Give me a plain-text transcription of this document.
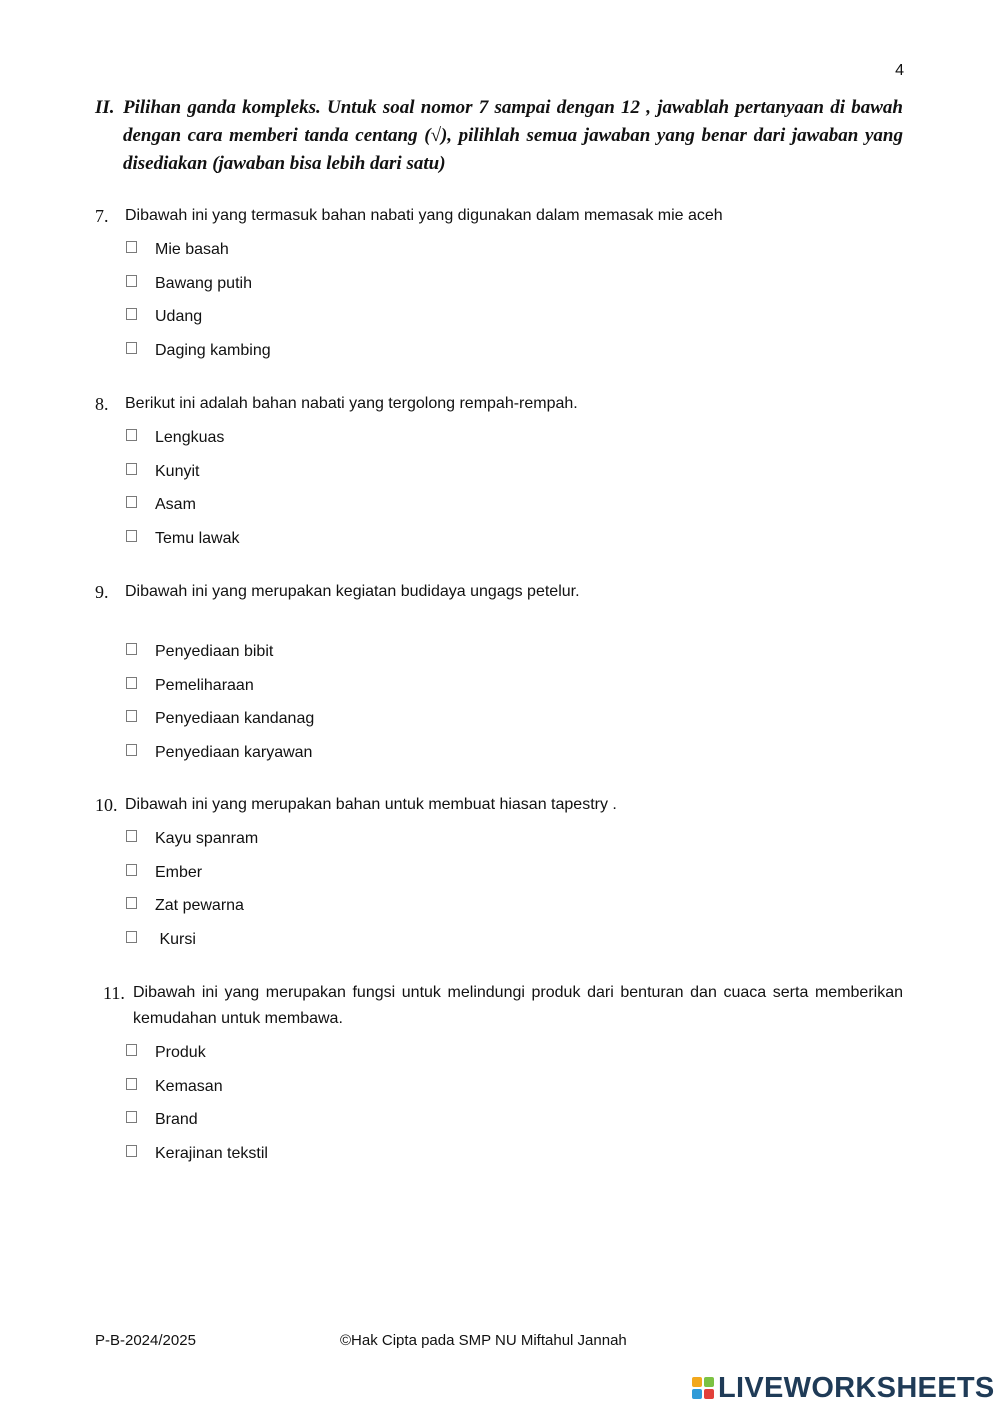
4
II. Pilihan ganda kompleks. Untuk soal nomor 7 sampai dengan 12 , jawablah pertanyaan di bawah dengan cara memberi tanda centang (√), pilihlah semua jawaban yang benar dari jawaban yang disediakan (jawaban bisa lebih dari satu)
7. Dibawah ini yang termasuk bahan nabati yang digunakan dalam memasak mie aceh
Mie basah
Bawang putih
Udang
Daging kambing
8. Berikut ini adalah bahan nabati yang tergolong rempah-rempah.
Lengkuas
Kunyit
Asam
Temu lawak
9. Dibawah ini yang merupakan kegiatan budidaya ungags petelur.
Penyediaan bibit
Pemeliharaan
Penyediaan kandanag
Penyediaan karyawan
10. Dibawah ini yang merupakan bahan untuk membuat hiasan tapestry .
Kayu spanram
Ember
Zat pewarna
Kursi
11. Dibawah ini yang merupakan fungsi untuk melindungi produk dari benturan dan cuaca serta memberikan kemudahan untuk membawa.
Produk
Kemasan
Brand
Kerajinan tekstil
P-B-2024/2025	©Hak Cipta pada SMP NU Miftahul Jannah
LIVEWORKSHEETS
